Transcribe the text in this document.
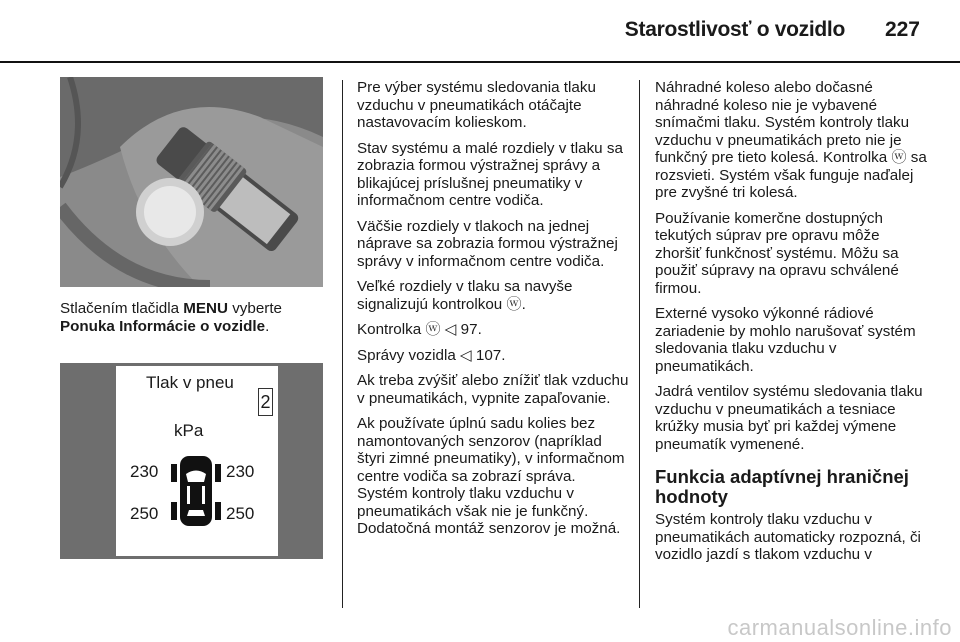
Starostlivosť o vozidlo 227
Stlačením tlačidla MENU vyberte
Ponuka Informácie o vozidle.
Tlak v pneu
2
kPa
230	230
250	250

Pre výber systému sledovania tlaku vzduchu v pneumatikách otáčajte nastavovacím kolieskom.

Stav systému a malé rozdiely v tlaku sa zobrazia formou výstražnej správy a blikajúcej príslušnej pneumatiky v informačnom centre vodiča.

Väčšie rozdiely v tlakoch na jednej náprave sa zobrazia formou výstražnej správy v informačnom centre vodiča.

Veľké rozdiely v tlaku sa navyše signalizujú kontrolkou ⓦ.

Kontrolka ⓦ ◁ 97.

Správy vozidla ◁ 107.

Ak treba zvýšiť alebo znížiť tlak vzduchu v pneumatikách, vypnite zapaľovanie.

Ak používate úplnú sadu kolies bez namontovaných senzorov (napríklad štyri zimné pneumatiky), v informačnom centre vodiča sa zobrazí správa. Systém kontroly tlaku vzduchu v pneumatikách však nie je funkčný. Dodatočná montáž senzorov je možná.

Náhradné koleso alebo dočasné náhradné koleso nie je vybavené snímačmi tlaku. Systém kontroly tlaku vzduchu v pneumatikách preto nie je funkčný pre tieto kolesá. Kontrolka ⓦ sa rozsvieti. Systém však funguje naďalej pre zvyšné tri kolesá.

Používanie komerčne dostupných tekutých súprav pre opravu môže zhoršiť funkčnosť systému. Môžu sa použiť súpravy na opravu schválené firmou.

Externé vysoko výkonné rádiové zariadenie by mohlo narušovať systém sledovania tlaku vzduchu v pneumatikách.

Jadrá ventilov systému sledovania tlaku vzduchu v pneumatikách a tesniace krúžky musia byť pri každej výmene pneumatík vymenené.

Funkcia adaptívnej hraničnej hodnoty

Systém kontroly tlaku vzduchu v pneumatikách automaticky rozpozná, či vozidlo jazdí s tlakom vzduchu v

carmanualsonline.info
